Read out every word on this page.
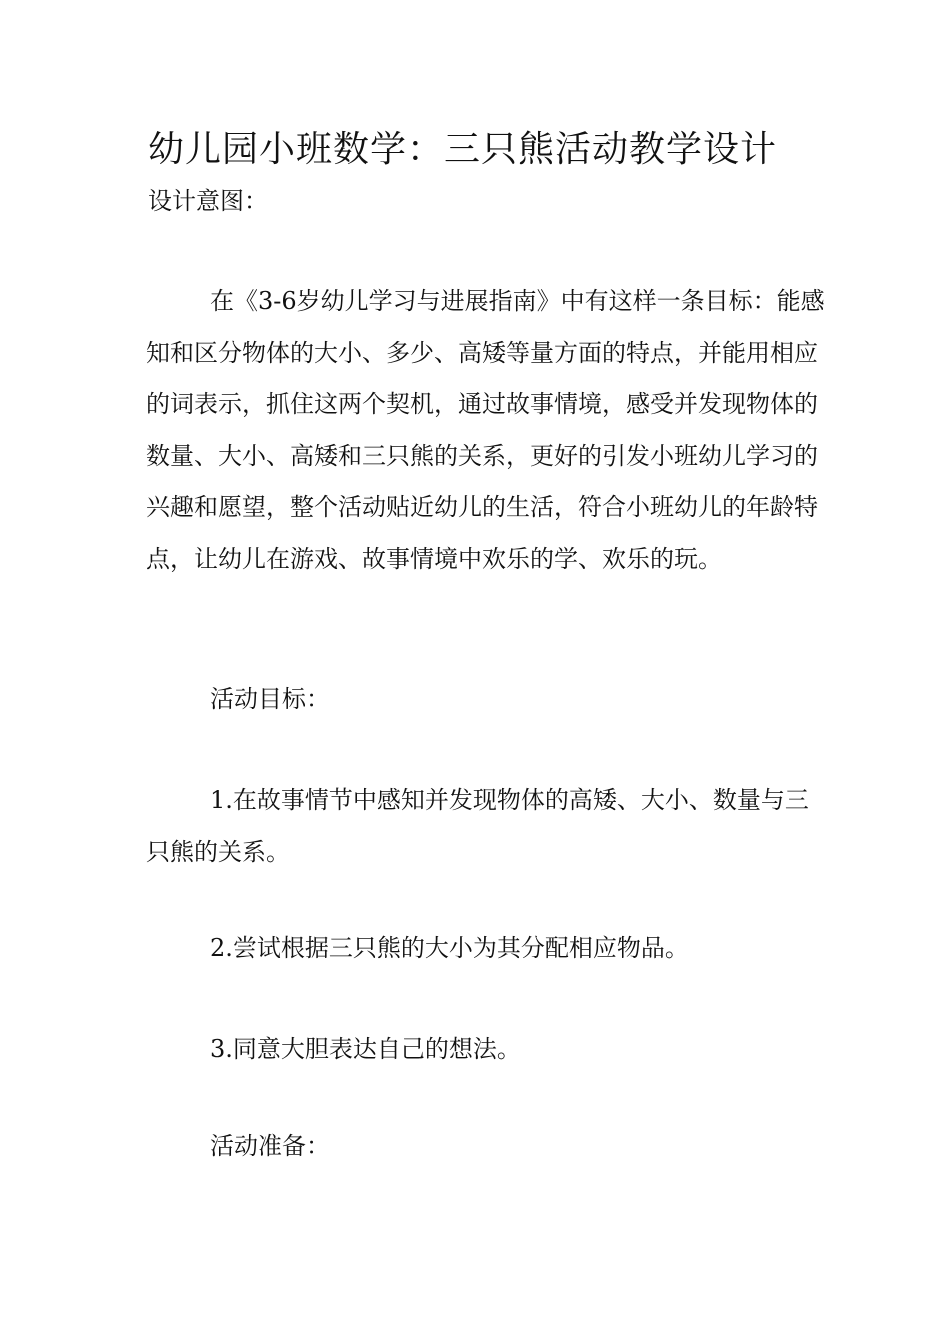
幼儿园小班数学：三只熊活动教学设计

设计意图：

在《3-6岁幼儿学习与进展指南》中有这样一条目标：能感知和区分物体的大小、多少、高矮等量方面的特点，并能用相应的词表示，抓住这两个契机，通过故事情境，感受并发现物体的数量、大小、高矮和三只熊的关系，更好的引发小班幼儿学习的兴趣和愿望，整个活动贴近幼儿的生活，符合小班幼儿的年龄特点，让幼儿在游戏、故事情境中欢乐的学、欢乐的玩。

活动目标：

1.在故事情节中感知并发现物体的高矮、大小、数量与三只熊的关系。

2.尝试根据三只熊的大小为其分配相应物品。

3.同意大胆表达自己的想法。

活动准备：
